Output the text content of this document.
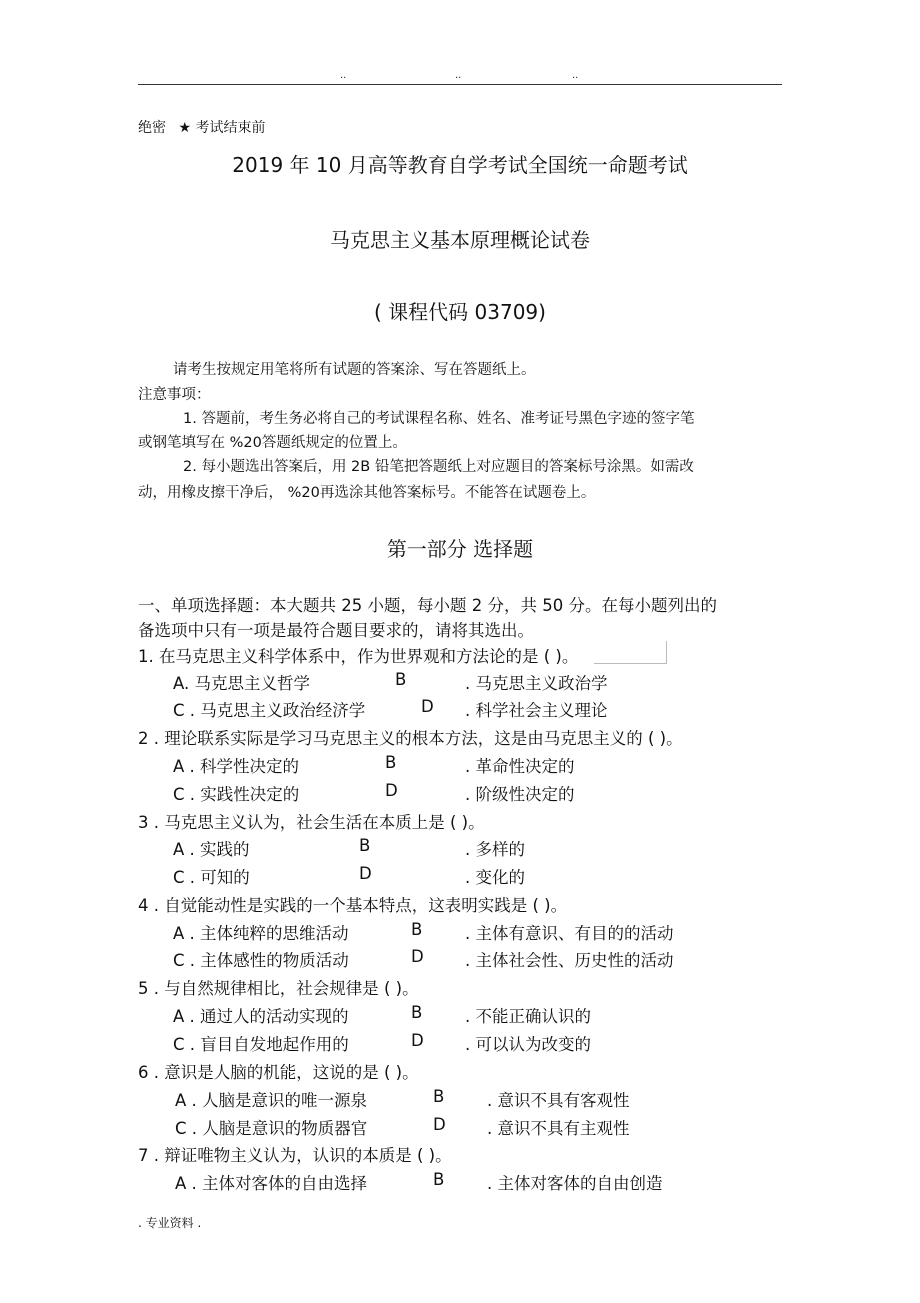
..	..	..
绝密 ★ 考试结束前
2019 年 10 月高等教育自学考试全国统一命题考试
马克思主义基本原理概论试卷
( 课程代码 03709)
请考生按规定用笔将所有试题的答案涂、写在答题纸上。
注意事项：
1. 答题前，考生务必将自己的考试课程名称、姓名、准考证号黑色字迹的签字笔
或钢笔填写在 %20答题纸规定的位置上。
2. 每小题选出答案后，用 2B 铅笔把答题纸上对应题目的答案标号涂黑。如需改
动，用橡皮擦干净后， %20再选涂其他答案标号。不能答在试题卷上。
第一部分 选择题
一、单项选择题：本大题共 25 小题，每小题 2 分，共 50 分。在每小题列出的
备选项中只有一项是最符合题目要求的，请将其选出。
1. 在马克思主义科学体系中，作为世界观和方法论的是 ( )。
A. 马克思主义哲学	B	. 马克思主义政治学
C . 马克思主义政治经济学	D . 科学社会主义理论
2 . 理论联系实际是学习马克思主义的根本方法，这是由马克思主义的 ( )。
A . 科学性决定的	B	. 革命性决定的
C . 实践性决定的	D	. 阶级性决定的
3 . 马克思主义认为，社会生活在本质上是 ( )。
A . 实践的	B	. 多样的
C . 可知的	D	. 变化的
4 . 自觉能动性是实践的一个基本特点，这表明实践是 ( )。
A . 主体纯粹的思维活动	B	. 主体有意识、有目的的活动
C . 主体感性的物质活动	D	. 主体社会性、历史性的活动
5 . 与自然规律相比，社会规律是 ( )。
A . 通过人的活动实现的	B	. 不能正确认识的
C . 盲目自发地起作用的	D	. 可以认为改变的
6 . 意识是人脑的机能，这说的是 ( )。
A . 人脑是意识的唯一源泉	B	. 意识不具有客观性
C . 人脑是意识的物质器官	D	. 意识不具有主观性
7 . 辩证唯物主义认为，认识的本质是 ( )。
A . 主体对客体的自由选择	B	. 主体对客体的自由创造
. 专业资料 .
